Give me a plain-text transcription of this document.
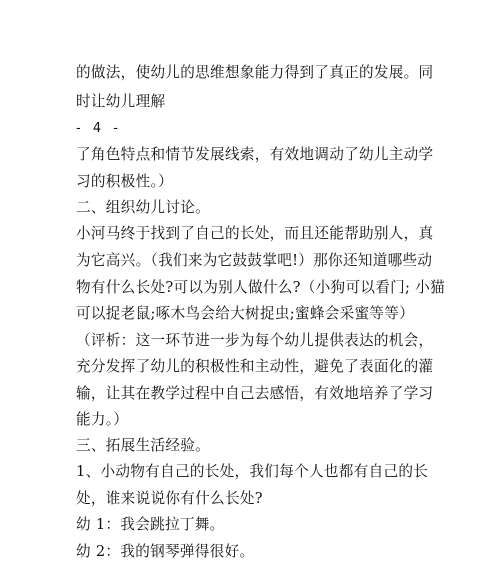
的做法，使幼儿的思维想象能力得到了真正的发展。同
时让幼儿理解
- 4 -
了角色特点和情节发展线索，有效地调动了幼儿主动学
习的积极性。）
二、组织幼儿讨论。
小河马终于找到了自己的长处，而且还能帮助别人，真
为它高兴。（我们来为它鼓鼓掌吧!）那你还知道哪些动
物有什么长处?可以为别人做什么?（小狗可以看门; 小猫
可以捉老鼠;啄木鸟会给大树捉虫;蜜蜂会采蜜等等）
（评析：这一环节进一步为每个幼儿提供表达的机会，
充分发挥了幼儿的积极性和主动性，避免了表面化的灌
输，让其在教学过程中自己去感悟，有效地培养了学习
能力。）
三、拓展生活经验。
1、小动物有自己的长处，我们每个人也都有自己的长
处，谁来说说你有什么长处?
幼 1：我会跳拉丁舞。
幼 2：我的钢琴弹得很好。
